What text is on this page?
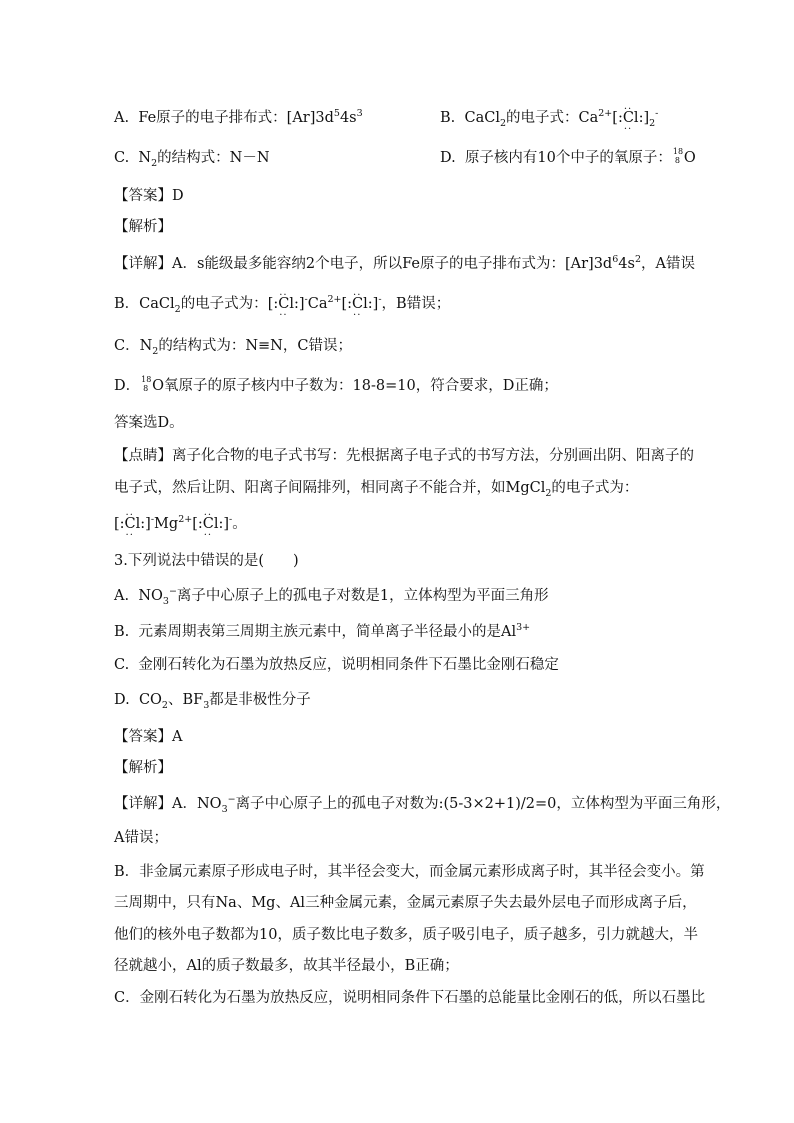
A. Fe原子的电子排布式：$[Ar]3d^54s^3$	B. CaCl$_2$的电子式：$Ca^{2+}$[:.. Cl $..:]_2^-$
C. $N_2$的结构式：N－N	D. 原子核内有10个中子的氧原子： 18
8 O
【答案】D
【解析】
【详解】A．s能级最多能容纳2个电子，所以Fe原子的电子排布式为：$[Ar]3d^64s^2$，A错误
B．CaCl$_2$的电子式为：[:.. Cl $..:]^-Ca^{2+}$[:.. Cl ..:]-，B错误；
C．$N_2$的结构式为：N≡N，C错误；
D． 18
8 O氧原子的原子核内中子数为：18-8=10，符合要求，D正确；
答案选D。
【点睛】离子化合物的电子式书写：先根据离子电子式的书写方法，分别画出阴、阳离子的
电子式，然后让阴、阳离子间隔排列，相同离子不能合并，如MgCl$_2$的电子式为：
[:.. Cl $..:]^-Mg^{2+}$[:.. Cl ..:]-。
3.下列说法中错误的是(　　)
A. $NO_3^-$离子中心原子上的孤电子对数是1，立体构型为平面三角形
B. 元素周期表第三周期主族元素中，简单离子半径最小的是$Al^{3+}$
C. 金刚石转化为石墨为放热反应，说明相同条件下石墨比金刚石稳定
D. $CO_2$、$BF_3$都是非极性分子
【答案】A
【解析】
【详解】A．$NO_3^-$离子中心原子上的孤电子对数为:(5-3×2+1)/2=0，立体构型为平面三角形，
A错误；
B．非金属元素原子形成电子时，其半径会变大，而金属元素形成离子时，其半径会变小。第
三周期中，只有Na、Mg、Al三种金属元素，金属元素原子失去最外层电子而形成离子后，
他们的核外电子数都为10，质子数比电子数多，质子吸引电子，质子越多，引力就越大，半
径就越小，Al的质子数最多，故其半径最小，B正确；
C．金刚石转化为石墨为放热反应，说明相同条件下石墨的总能量比金刚石的低，所以石墨比
